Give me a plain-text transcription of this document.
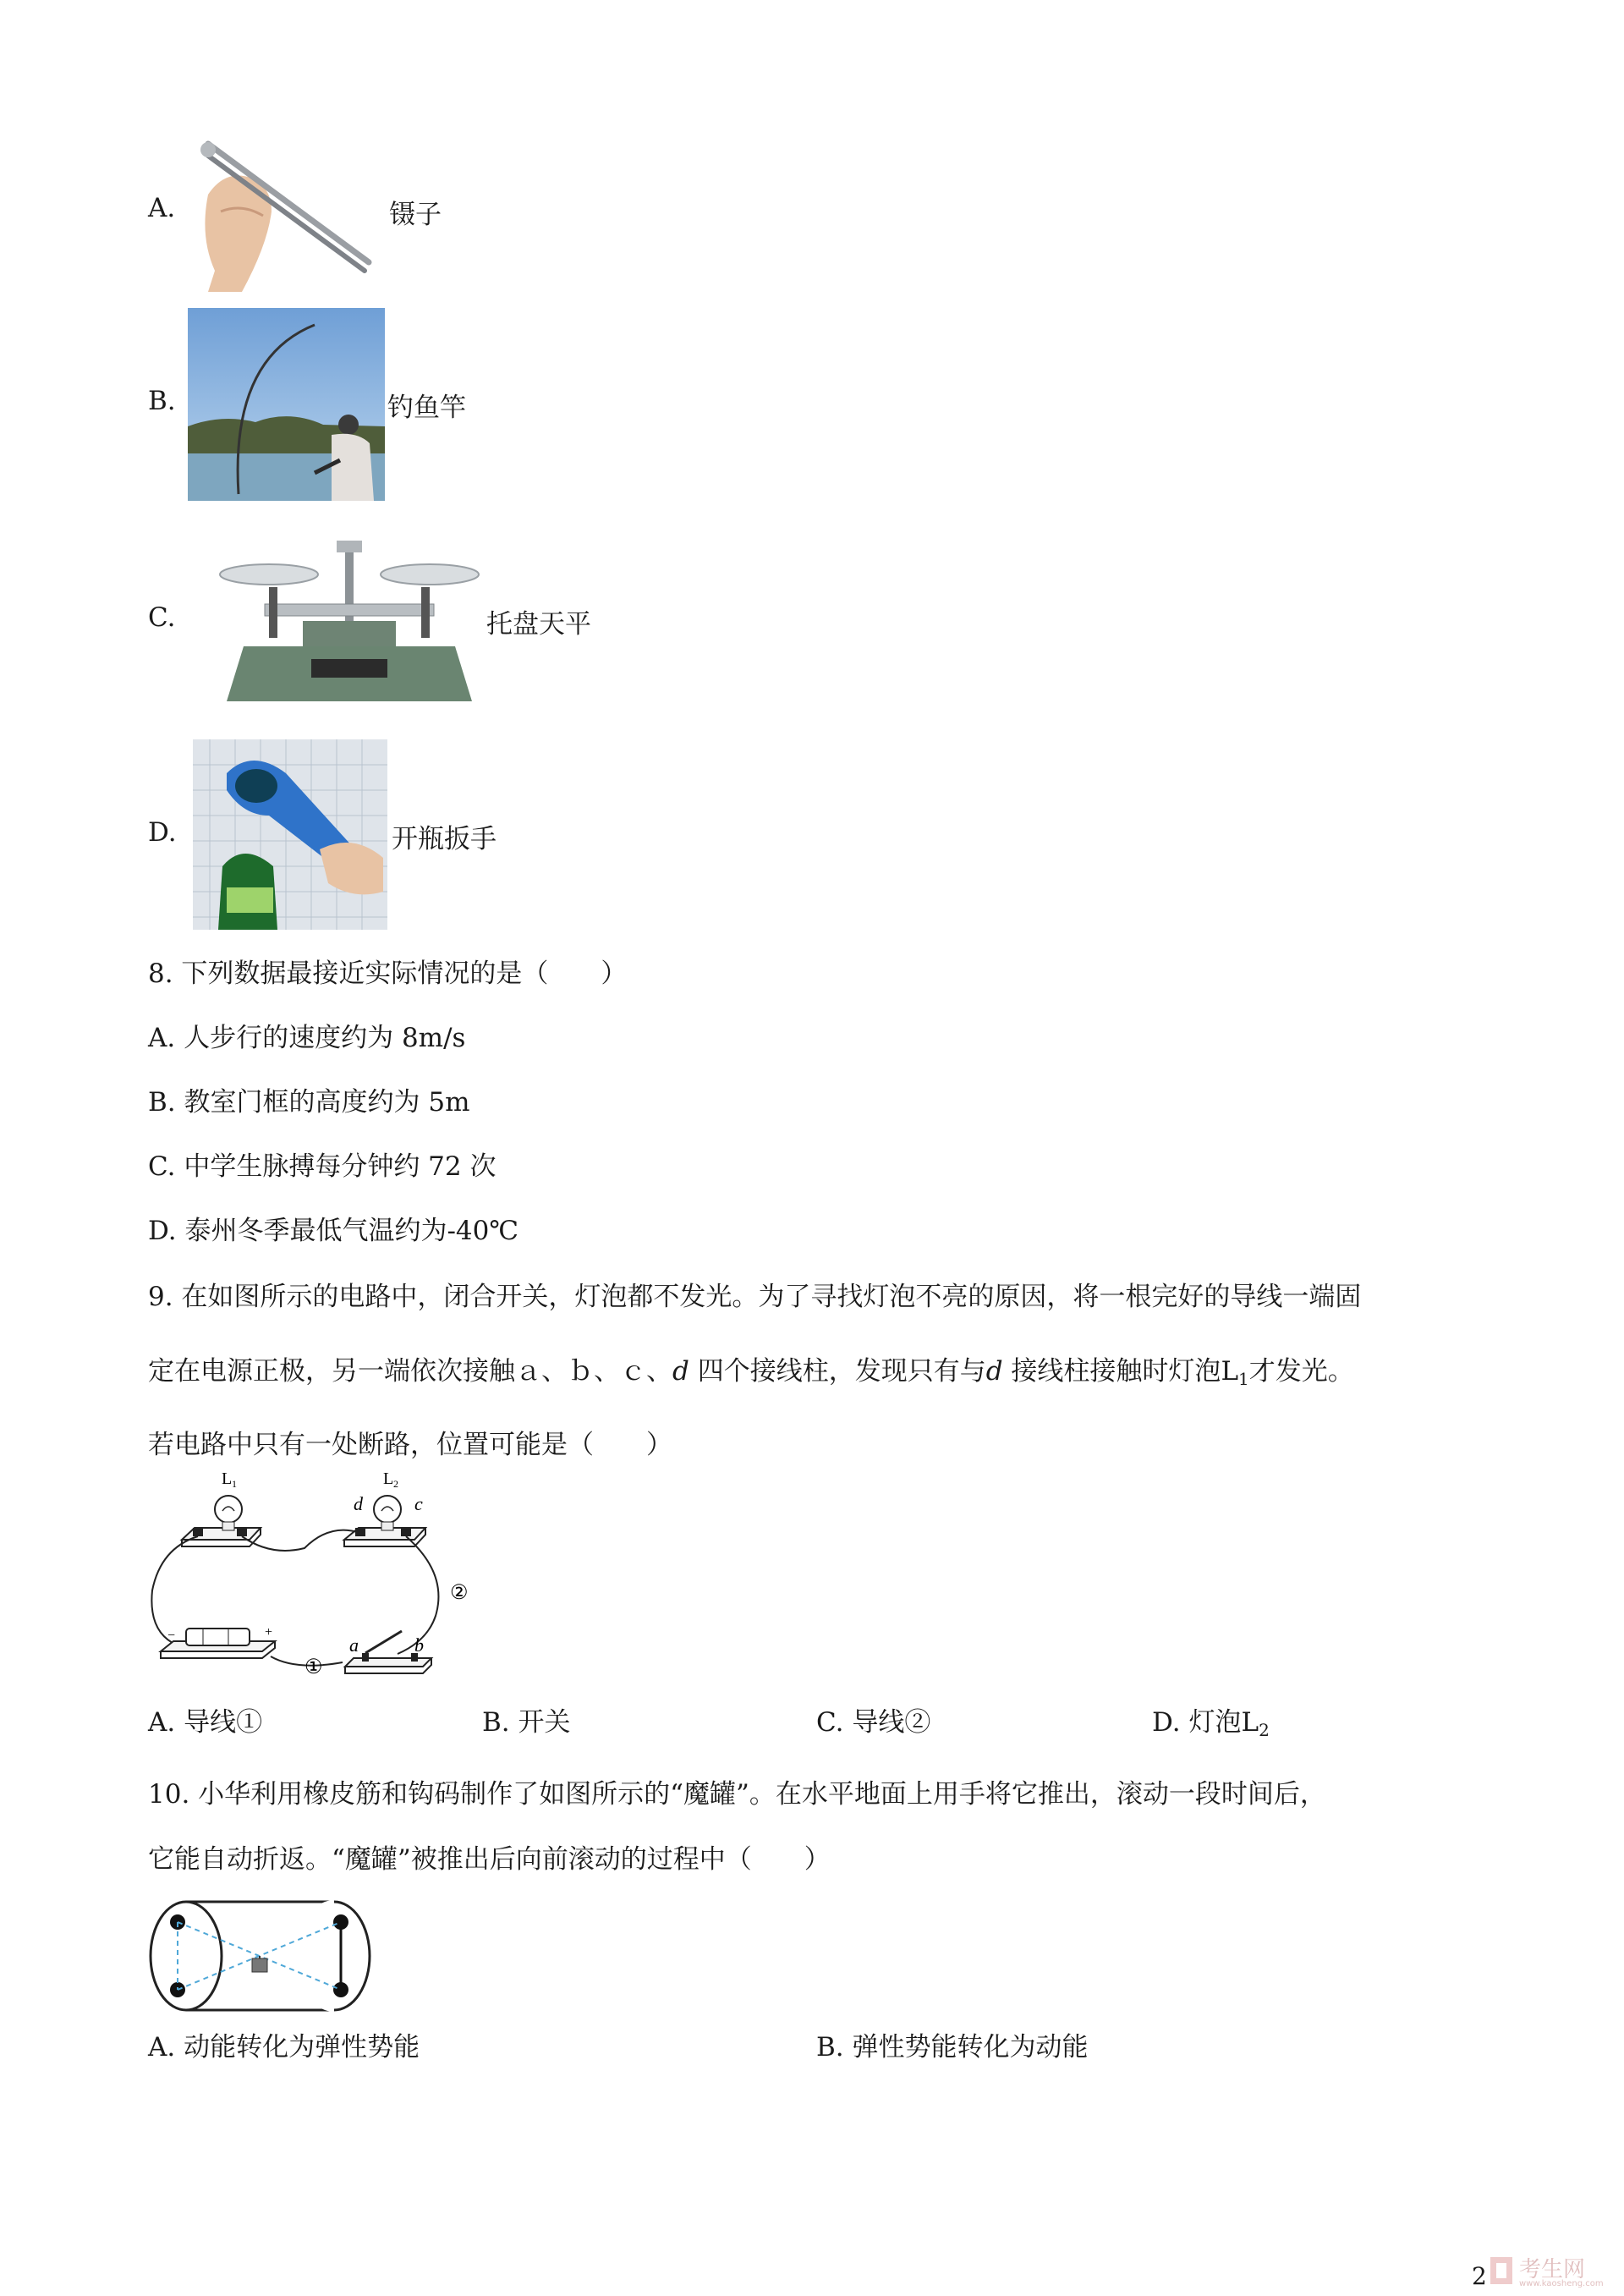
A.	镊子
B.	钓鱼竿
C.	托盘天平
D.	开瓶扳手
8. 下列数据最接近实际情况的是（　　）
A. 人步行的速度约为 8m/s
B. 教室门框的高度约为 5m
C. 中学生脉搏每分钟约 72 次
D. 泰州冬季最低气温约为-40℃
9. 在如图所示的电路中，闭合开关，灯泡都不发光。为了寻找灯泡不亮的原因，将一根完好的导线一端固
定在电源正极，另一端依次接触ａ、ｂ、ｃ、d 四个接线柱，发现只有与d 接线柱接触时灯泡$L_1$才发光。
若电路中只有一处断路，位置可能是（　　）
L 1	L 2
d	c
a	b
①
②
−	+
A. 导线①	B. 开关	C. 导线②	D. 灯泡$L_2$
10. 小华利用橡皮筋和钩码制作了如图所示的“魔罐”。在水平地面上用手将它推出，滚动一段时间后，
它能自动折返。“魔罐”被推出后向前滚动的过程中（　　）
A. 动能转化为弹性势能	B. 弹性势能转化为动能
2 考生网
www.kaosheng.com
